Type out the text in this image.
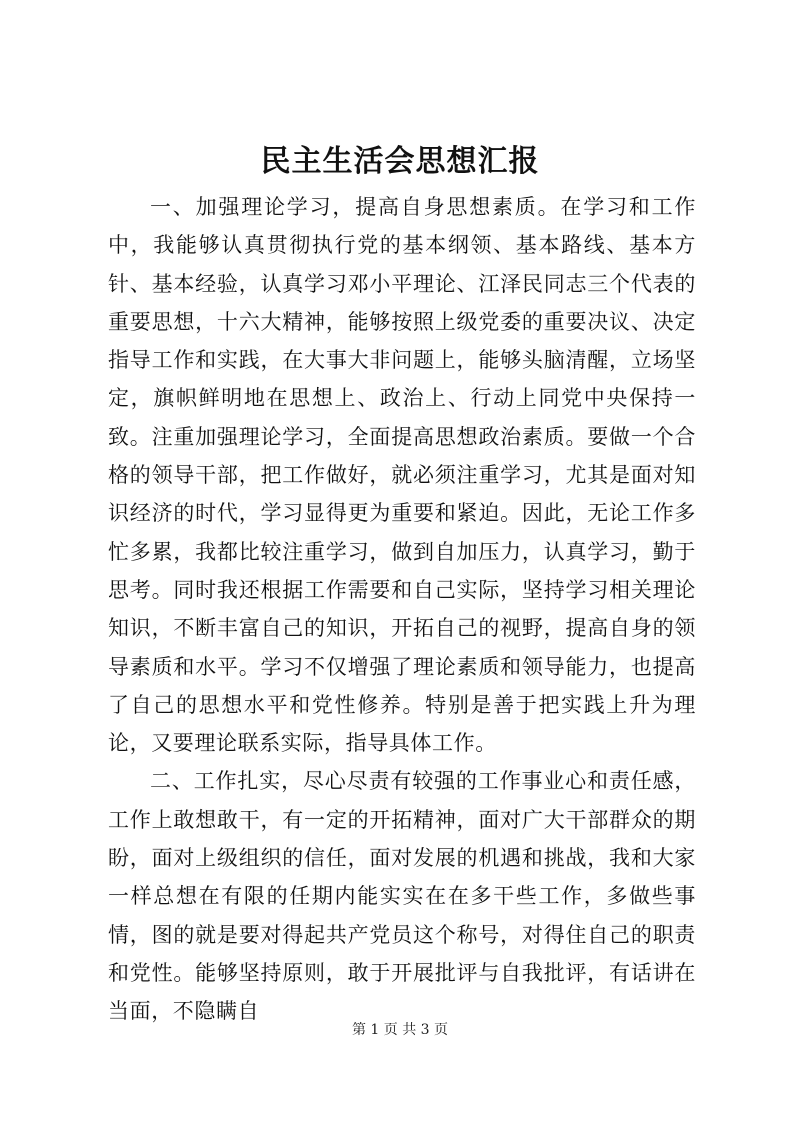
民主生活会思想汇报

一、加强理论学习，提高自身思想素质。在学习和工作中，我能够认真贯彻执行党的基本纲领、基本路线、基本方针、基本经验，认真学习邓小平理论、江泽民同志三个代表的重要思想，十六大精神，能够按照上级党委的重要决议、决定指导工作和实践，在大事大非问题上，能够头脑清醒，立场坚定，旗帜鲜明地在思想上、政治上、行动上同党中央保持一致。注重加强理论学习，全面提高思想政治素质。要做一个合格的领导干部，把工作做好，就必须注重学习，尤其是面对知识经济的时代，学习显得更为重要和紧迫。因此，无论工作多忙多累，我都比较注重学习，做到自加压力，认真学习，勤于思考。同时我还根据工作需要和自己实际，坚持学习相关理论知识，不断丰富自己的知识，开拓自己的视野，提高自身的领导素质和水平。学习不仅增强了理论素质和领导能力，也提高了自己的思想水平和党性修养。特别是善于把实践上升为理论，又要理论联系实际，指导具体工作。

二、工作扎实，尽心尽责有较强的工作事业心和责任感，工作上敢想敢干，有一定的开拓精神，面对广大干部群众的期盼，面对上级组织的信任，面对发展的机遇和挑战，我和大家一样总想在有限的任期内能实实在在多干些工作，多做些事情，图的就是要对得起共产党员这个称号，对得住自己的职责和党性。能够坚持原则，敢于开展批评与自我批评，有话讲在当面，不隐瞒自

第 1 页 共 3 页
